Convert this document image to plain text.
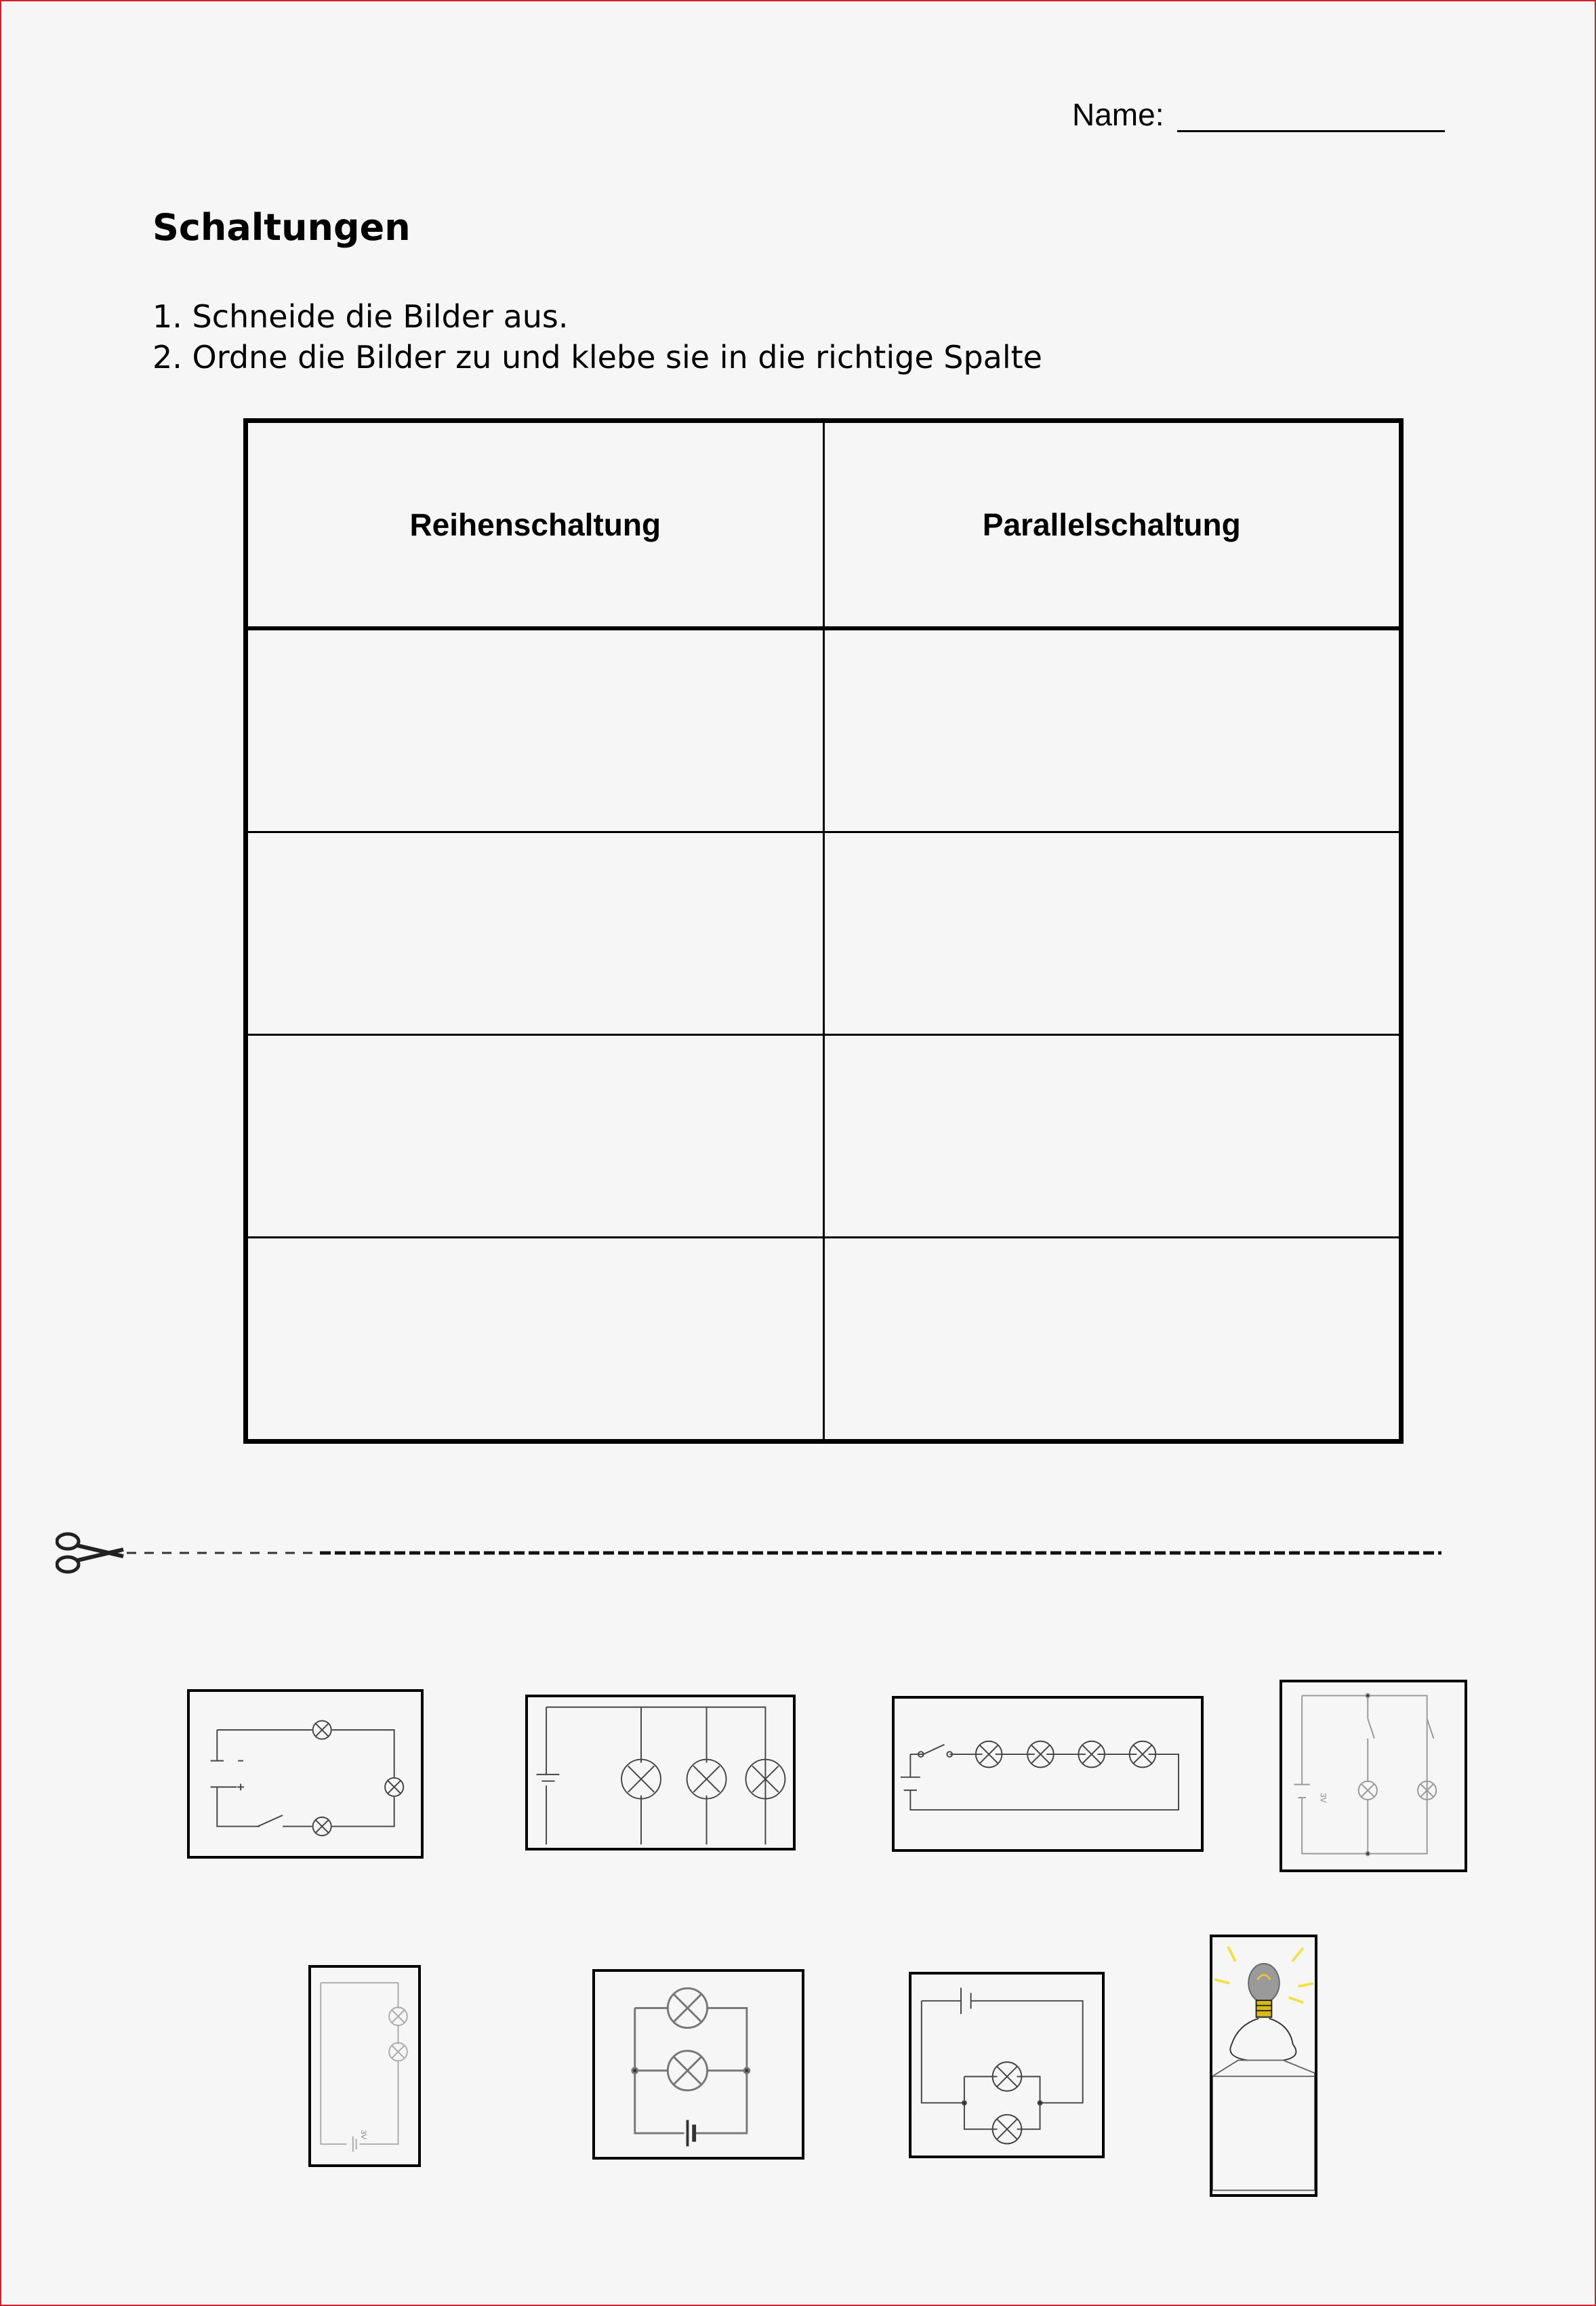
Name:
Schaltungen
1. Schneide die Bilder aus.
2. Ordne die Bilder zu und klebe sie in die richtige Spalte
Reihenschaltung	Parallelschaltung

3V
3V
